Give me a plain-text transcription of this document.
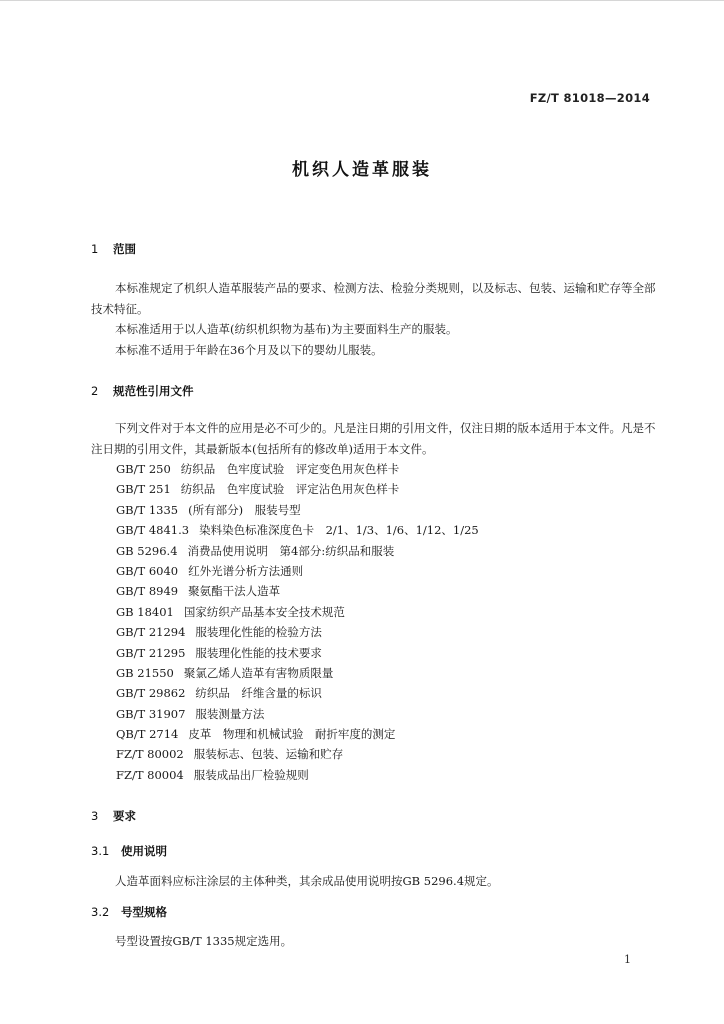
FZ/T 81018—2014
机织人造革服装
1 范围

本标准规定了机织人造革服装产品的要求、检测方法、检验分类规则，以及标志、包装、运输和贮存等全部技术特征。

本标准适用于以人造革(纺织机织物为基布)为主要面料生产的服装。

本标准不适用于年龄在36个月及以下的婴幼儿服装。

2 规范性引用文件

下列文件对于本文件的应用是必不可少的。凡是注日期的引用文件，仅注日期的版本适用于本文件。凡是不注日期的引用文件，其最新版本(包括所有的修改单)适用于本文件。

GB/T 250 纺织品　色牢度试验　评定变色用灰色样卡
GB/T 251 纺织品　色牢度试验　评定沾色用灰色样卡
GB/T 1335 (所有部分)　服装号型
GB/T 4841.3 染料染色标准深度色卡　2/1、1/3、1/6、1/12、1/25
GB 5296.4 消费品使用说明　第4部分:纺织品和服装
GB/T 6040 红外光谱分析方法通则
GB/T 8949 聚氨酯干法人造革
GB 18401 国家纺织产品基本安全技术规范
GB/T 21294 服装理化性能的检验方法
GB/T 21295 服装理化性能的技术要求
GB 21550 聚氯乙烯人造革有害物质限量
GB/T 29862 纺织品　纤维含量的标识
GB/T 31907 服装测量方法
QB/T 2714 皮革　物理和机械试验　耐折牢度的测定
FZ/T 80002 服装标志、包装、运输和贮存
FZ/T 80004 服装成品出厂检验规则
3 要求
3.1 使用说明

人造革面料应标注涂层的主体种类，其余成品使用说明按GB 5296.4规定。

3.2 号型规格

号型设置按GB/T 1335规定选用。

1
